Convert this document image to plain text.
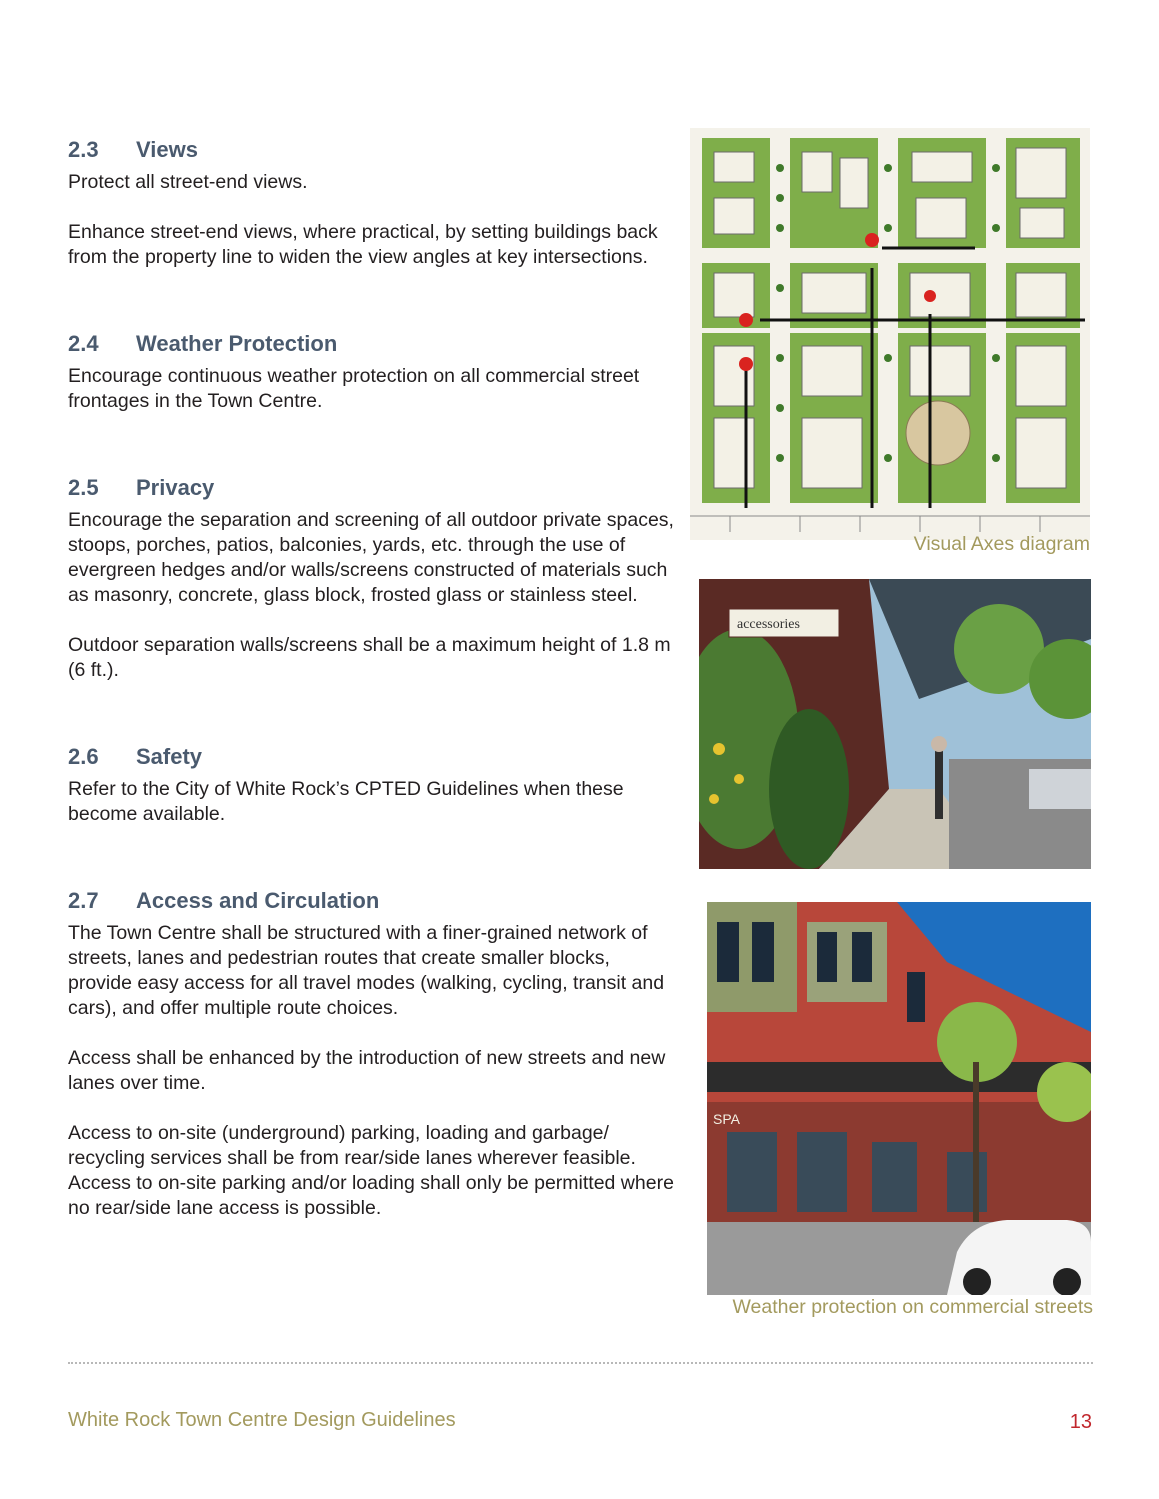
2.3	Views

Protect all street-end views.

Enhance street-end views, where practical, by setting buildings back from the property line to widen the view angles at key intersections.

2.4	Weather Protection

Encourage continuous weather protection on all commercial street frontages in the Town Centre.

2.5	Privacy

Encourage the separation and screening of all outdoor private spaces, stoops, porches, patios, balconies, yards, etc. through the use of evergreen hedges and/or walls/screens constructed of materials such as masonry, concrete, glass block, frosted glass or stainless steel.

Outdoor separation walls/screens shall be a maximum height of 1.8 m (6 ft.).

2.6	Safety

Refer to the City of White Rock’s CPTED Guidelines when these become available.

2.7	Access and Circulation

The Town Centre shall be structured with a finer-grained network of streets, lanes and pedestrian routes that create smaller blocks, provide easy access for all travel modes (walking, cycling, transit and cars), and offer multiple route choices.

Access shall be enhanced by the introduction of new streets and new lanes over time.

Access to on-site (underground) parking, loading and garbage/ recycling services shall be from rear/side lanes wherever feasible. Access to on-site parking and/or loading shall only be permitted where no rear/side lane access is possible.

Visual Axes diagram
accessories
SPA
Weather protection on commercial streets
White Rock Town Centre Design Guidelines	13
